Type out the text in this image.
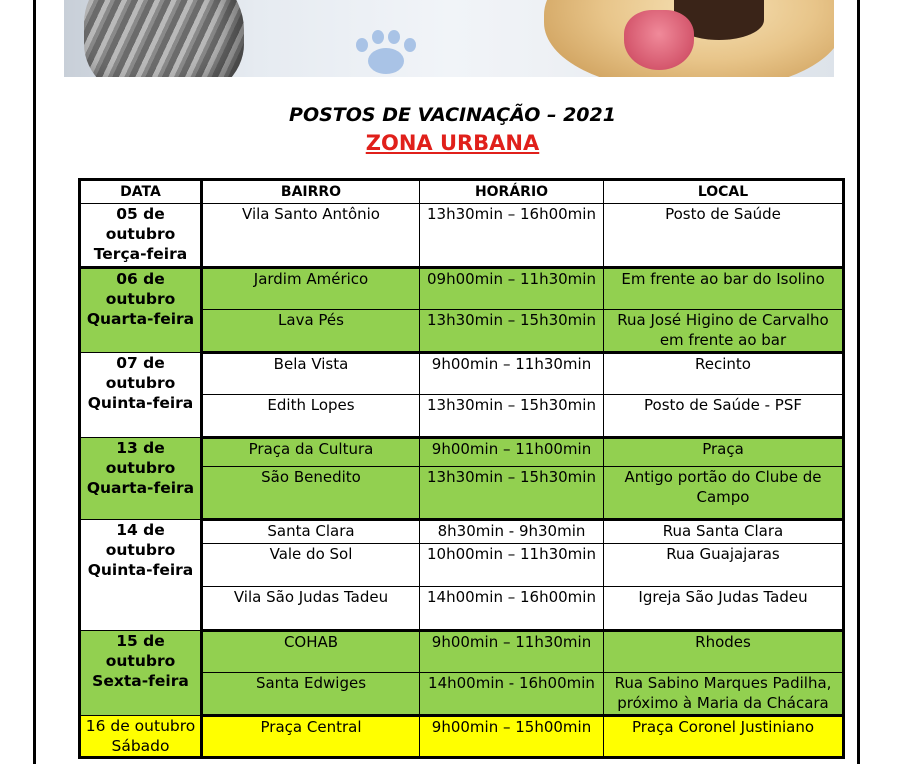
POSTOS DE VACINAÇÃO – 2021
ZONA URBANA
DATA	BAIRRO	HORÁRIO	LOCAL

05 de
outubro
Terça-feira	Vila Santo Antônio	13h30min – 16h00min	Posto de Saúde

06 de
outubro
Quarta-feira	Jardim Américo	09h00min – 11h30min	Em frente ao bar do Isolino
	Lava Pés	13h30min – 15h30min	Rua José Higino de Carvalho em frente ao bar

07 de
outubro
Quinta-feira	Bela Vista	9h00min – 11h30min	Recinto
	Edith Lopes	13h30min – 15h30min	Posto de Saúde - PSF

13 de
outubro
Quarta-feira	Praça da Cultura	9h00min – 11h00min	Praça
	São Benedito	13h30min – 15h30min	Antigo portão do Clube de Campo

14 de
outubro
Quinta-feira	Santa Clara	8h30min - 9h30min	Rua Santa Clara
	Vale do Sol	10h00min – 11h30min	Rua Guajajaras
	Vila São Judas Tadeu	14h00min – 16h00min	Igreja São Judas Tadeu

15 de
outubro
Sexta-feira	COHAB	9h00min – 11h30min	Rhodes
	Santa Edwiges	14h00min - 16h00min	Rua Sabino Marques Padilha, próximo à Maria da Chácara

16 de outubro
Sábado	Praça Central	9h00min – 15h00min	Praça Coronel Justiniano
